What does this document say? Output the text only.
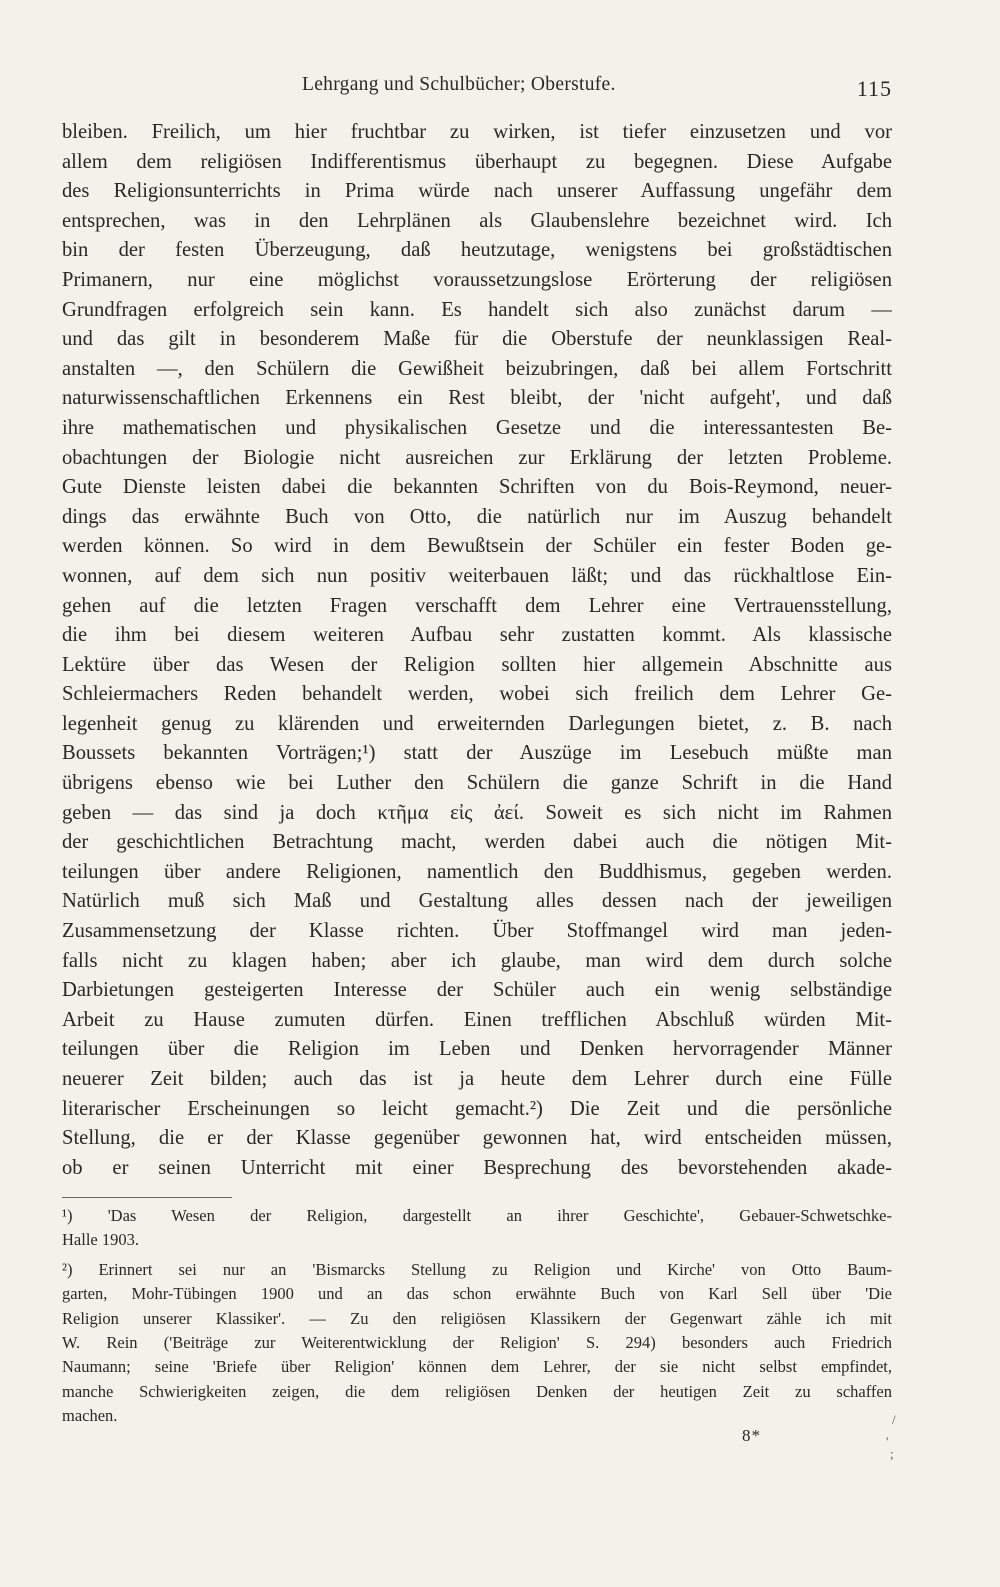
Lehrgang und Schulbücher; Oberstufe.	115
bleiben. Freilich, um hier fruchtbar zu wirken, ist tiefer einzusetzen und vor
allem dem religiösen Indifferentismus überhaupt zu begegnen. Diese Aufgabe
des Religionsunterrichts in Prima würde nach unserer Auffassung ungefähr dem
entsprechen, was in den Lehrplänen als Glaubenslehre bezeichnet wird. Ich
bin der festen Überzeugung, daß heutzutage, wenigstens bei großstädtischen
Primanern, nur eine möglichst voraussetzungslose Erörterung der religiösen
Grundfragen erfolgreich sein kann. Es handelt sich also zunächst darum —
und das gilt in besonderem Maße für die Oberstufe der neunklassigen Real-
anstalten —, den Schülern die Gewißheit beizubringen, daß bei allem Fortschritt
naturwissenschaftlichen Erkennens ein Rest bleibt, der 'nicht aufgeht', und daß
ihre mathematischen und physikalischen Gesetze und die interessantesten Be-
obachtungen der Biologie nicht ausreichen zur Erklärung der letzten Probleme.
Gute Dienste leisten dabei die bekannten Schriften von du Bois-Reymond, neuer-
dings das erwähnte Buch von Otto, die natürlich nur im Auszug behandelt
werden können. So wird in dem Bewußtsein der Schüler ein fester Boden ge-
wonnen, auf dem sich nun positiv weiterbauen läßt; und das rückhaltlose Ein-
gehen auf die letzten Fragen verschafft dem Lehrer eine Vertrauensstellung,
die ihm bei diesem weiteren Aufbau sehr zustatten kommt. Als klassische
Lektüre über das Wesen der Religion sollten hier allgemein Abschnitte aus
Schleiermachers Reden behandelt werden, wobei sich freilich dem Lehrer Ge-
legenheit genug zu klärenden und erweiternden Darlegungen bietet, z. B. nach
Boussets bekannten Vorträgen;¹) statt der Auszüge im Lesebuch müßte man
übrigens ebenso wie bei Luther den Schülern die ganze Schrift in die Hand
geben — das sind ja doch κτῆμα εἰς ἀεί. Soweit es sich nicht im Rahmen
der geschichtlichen Betrachtung macht, werden dabei auch die nötigen Mit-
teilungen über andere Religionen, namentlich den Buddhismus, gegeben werden.
Natürlich muß sich Maß und Gestaltung alles dessen nach der jeweiligen
Zusammensetzung der Klasse richten. Über Stoffmangel wird man jeden-
falls nicht zu klagen haben; aber ich glaube, man wird dem durch solche
Darbietungen gesteigerten Interesse der Schüler auch ein wenig selbständige
Arbeit zu Hause zumuten dürfen. Einen trefflichen Abschluß würden Mit-
teilungen über die Religion im Leben und Denken hervorragender Männer
neuerer Zeit bilden; auch das ist ja heute dem Lehrer durch eine Fülle
literarischer Erscheinungen so leicht gemacht.²) Die Zeit und die persönliche
Stellung, die er der Klasse gegenüber gewonnen hat, wird entscheiden müssen,
ob er seinen Unterricht mit einer Besprechung des bevorstehenden akade-
¹) 'Das Wesen der Religion, dargestellt an ihrer Geschichte', Gebauer-Schwetschke-
Halle 1903.
²) Erinnert sei nur an 'Bismarcks Stellung zu Religion und Kirche' von Otto Baum-
garten, Mohr-Tübingen 1900 und an das schon erwähnte Buch von Karl Sell über 'Die
Religion unserer Klassiker'. — Zu den religiösen Klassikern der Gegenwart zähle ich mit
W. Rein ('Beiträge zur Weiterentwicklung der Religion' S. 294) besonders auch Friedrich
Naumann; seine 'Briefe über Religion' können dem Lehrer, der sie nicht selbst empfindet,
manche Schwierigkeiten zeigen, die dem religiösen Denken der heutigen Zeit zu schaffen
machen.
8*
/
'
;
